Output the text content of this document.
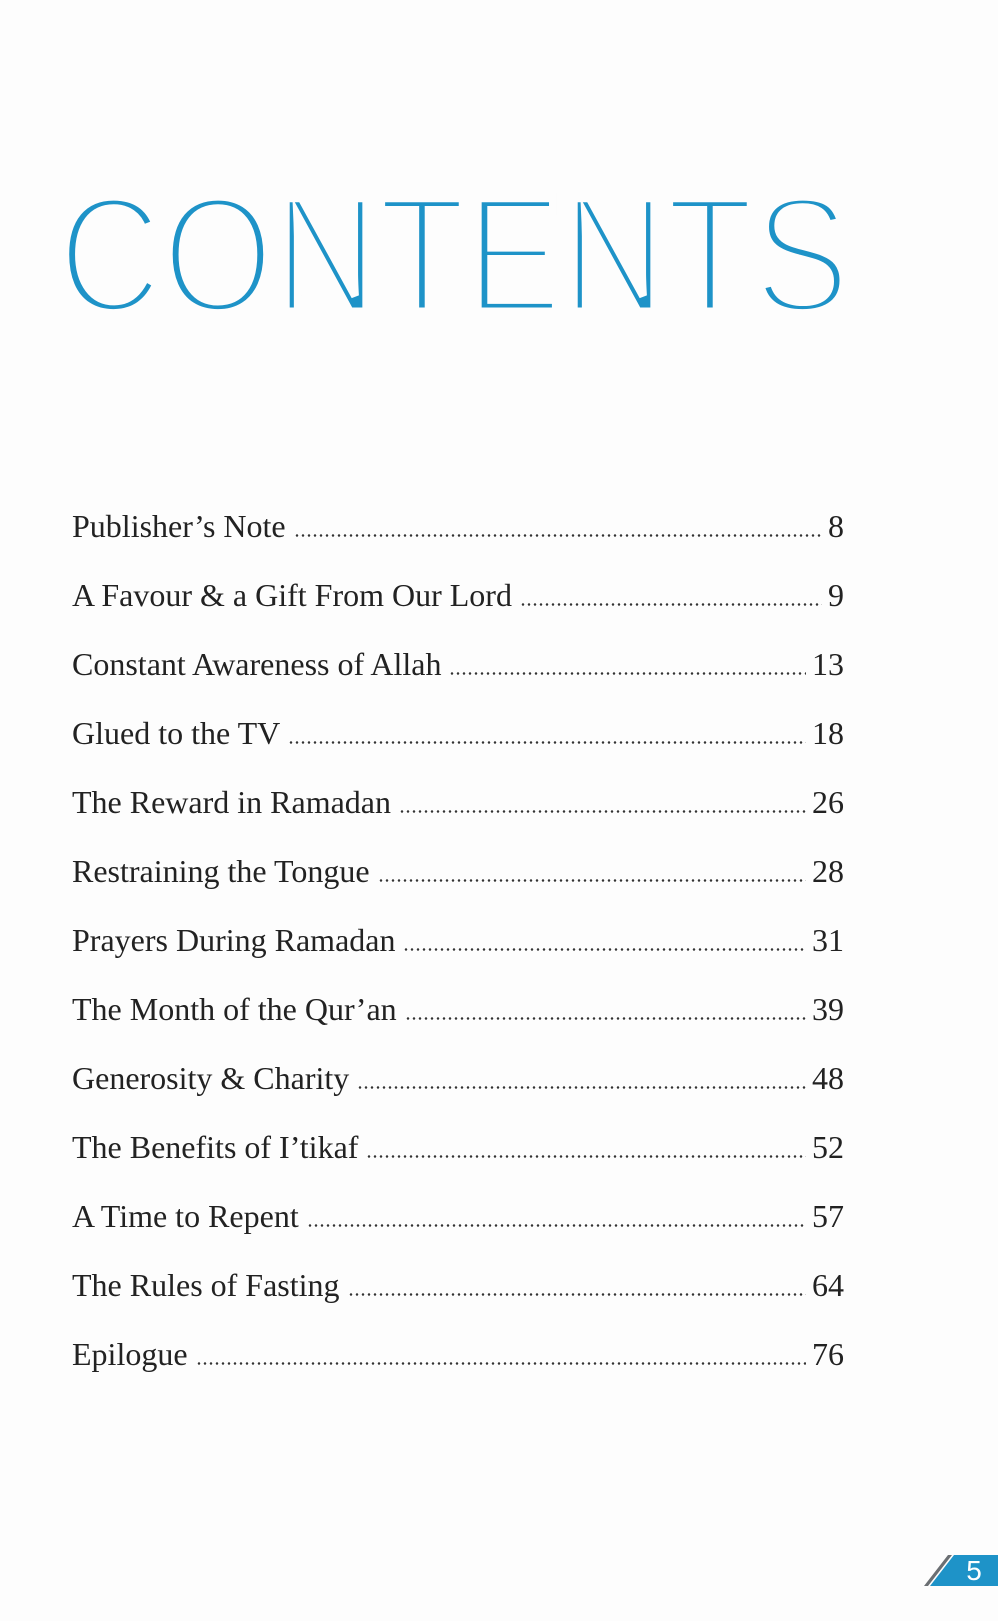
CONTENTS
Publisher’s Note	8
A Favour & a Gift From Our Lord	9
Constant Awareness of Allah	13
Glued to the TV	18
The Reward in Ramadan	26
Restraining the Tongue	28
Prayers During Ramadan	31
The Month of the Qur’an	39
Generosity & Charity	48
The Benefits of I’tikaf	52
A Time to Repent	57
The Rules of Fasting	64
Epilogue	76
5
